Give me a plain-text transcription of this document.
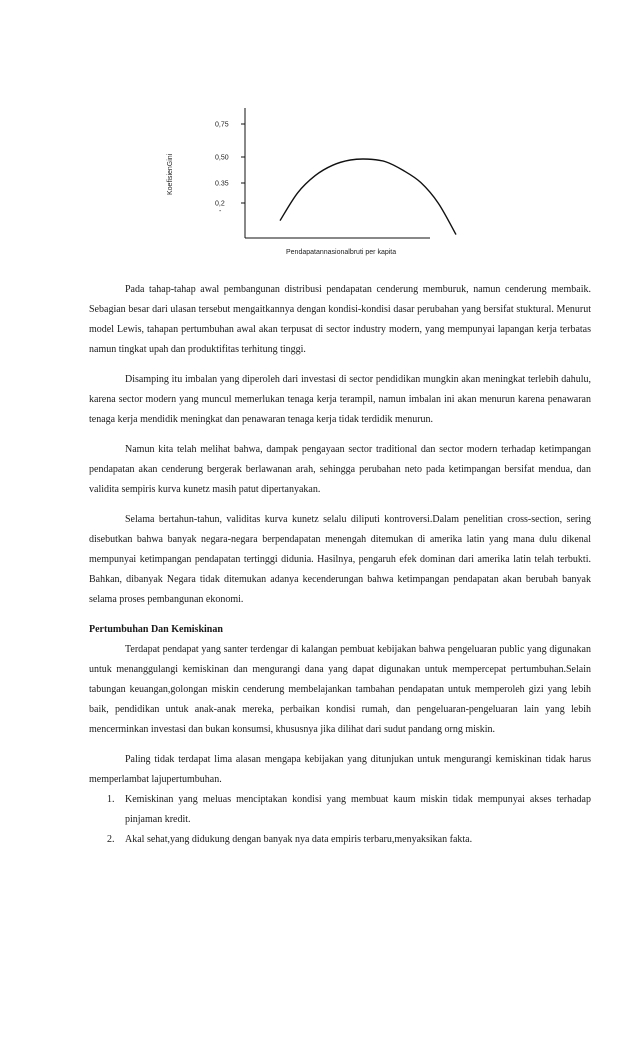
0,75
0,50
0.35
0,2
-
KoefisienGini
Pendapatannasionalbruti per kapita

Pada tahap-tahap awal pembangunan distribusi pendapatan cenderung memburuk, namun cenderung membaik. Sebagian besar dari ulasan tersebut mengaitkannya dengan kondisi-kondisi dasar perubahan yang bersifat stuktural. Menurut model Lewis, tahapan pertumbuhan awal akan terpusat di sector industry modern, yang mempunyai lapangan kerja terbatas namun tingkat upah dan produktifitas terhitung tinggi.

Disamping itu imbalan yang diperoleh dari investasi di sector pendidikan mungkin akan meningkat terlebih dahulu, karena sector modern yang muncul memerlukan tenaga kerja terampil, namun imbalan ini akan menurun karena penawaran tenaga kerja mendidik meningkat dan penawaran tenaga kerja tidak terdidik menurun.

Namun kita telah melihat bahwa, dampak pengayaan sector traditional dan sector modern terhadap ketimpangan pendapatan akan cenderung bergerak berlawanan arah, sehingga perubahan neto pada ketimpangan bersifat mendua, dan validita sempiris kurva kunetz masih patut dipertanyakan.

Selama bertahun-tahun, validitas kurva kunetz selalu diliputi kontroversi.Dalam penelitian cross-section, sering disebutkan bahwa banyak negara-negara berpendapatan menengah ditemukan di amerika latin yang mana dulu dikenal mempunyai ketimpangan pendapatan tertinggi didunia. Hasilnya, pengaruh efek dominan dari amerika latin telah terbukti. Bahkan, dibanyak Negara tidak ditemukan adanya kecenderungan bahwa ketimpangan pendapatan akan berubah banyak selama proses pembangunan ekonomi.

Pertumbuhan Dan Kemiskinan

Terdapat pendapat yang santer terdengar di kalangan pembuat kebijakan bahwa pengeluaran public yang digunakan untuk menanggulangi kemiskinan dan mengurangi dana yang dapat digunakan untuk mempercepat pertumbuhan.Selain tabungan keuangan,golongan miskin cenderung membelajankan tambahan pendapatan untuk memperoleh gizi yang lebih baik, pendidikan untuk anak-anak mereka, perbaikan kondisi rumah, dan pengeluaran-pengeluaran lain yang lebih mencerminkan investasi dan bukan konsumsi, khususnya jika dilihat dari sudut pandang orng miskin.

Paling tidak terdapat lima alasan mengapa kebijakan yang ditunjukan untuk mengurangi kemiskinan tidak harus memperlambat lajupertumbuhan.

1. Kemiskinan yang meluas menciptakan kondisi yang membuat kaum miskin tidak mempunyai akses terhadap pinjaman kredit.
2. Akal sehat,yang didukung dengan banyak nya data empiris terbaru,menyaksikan fakta.
